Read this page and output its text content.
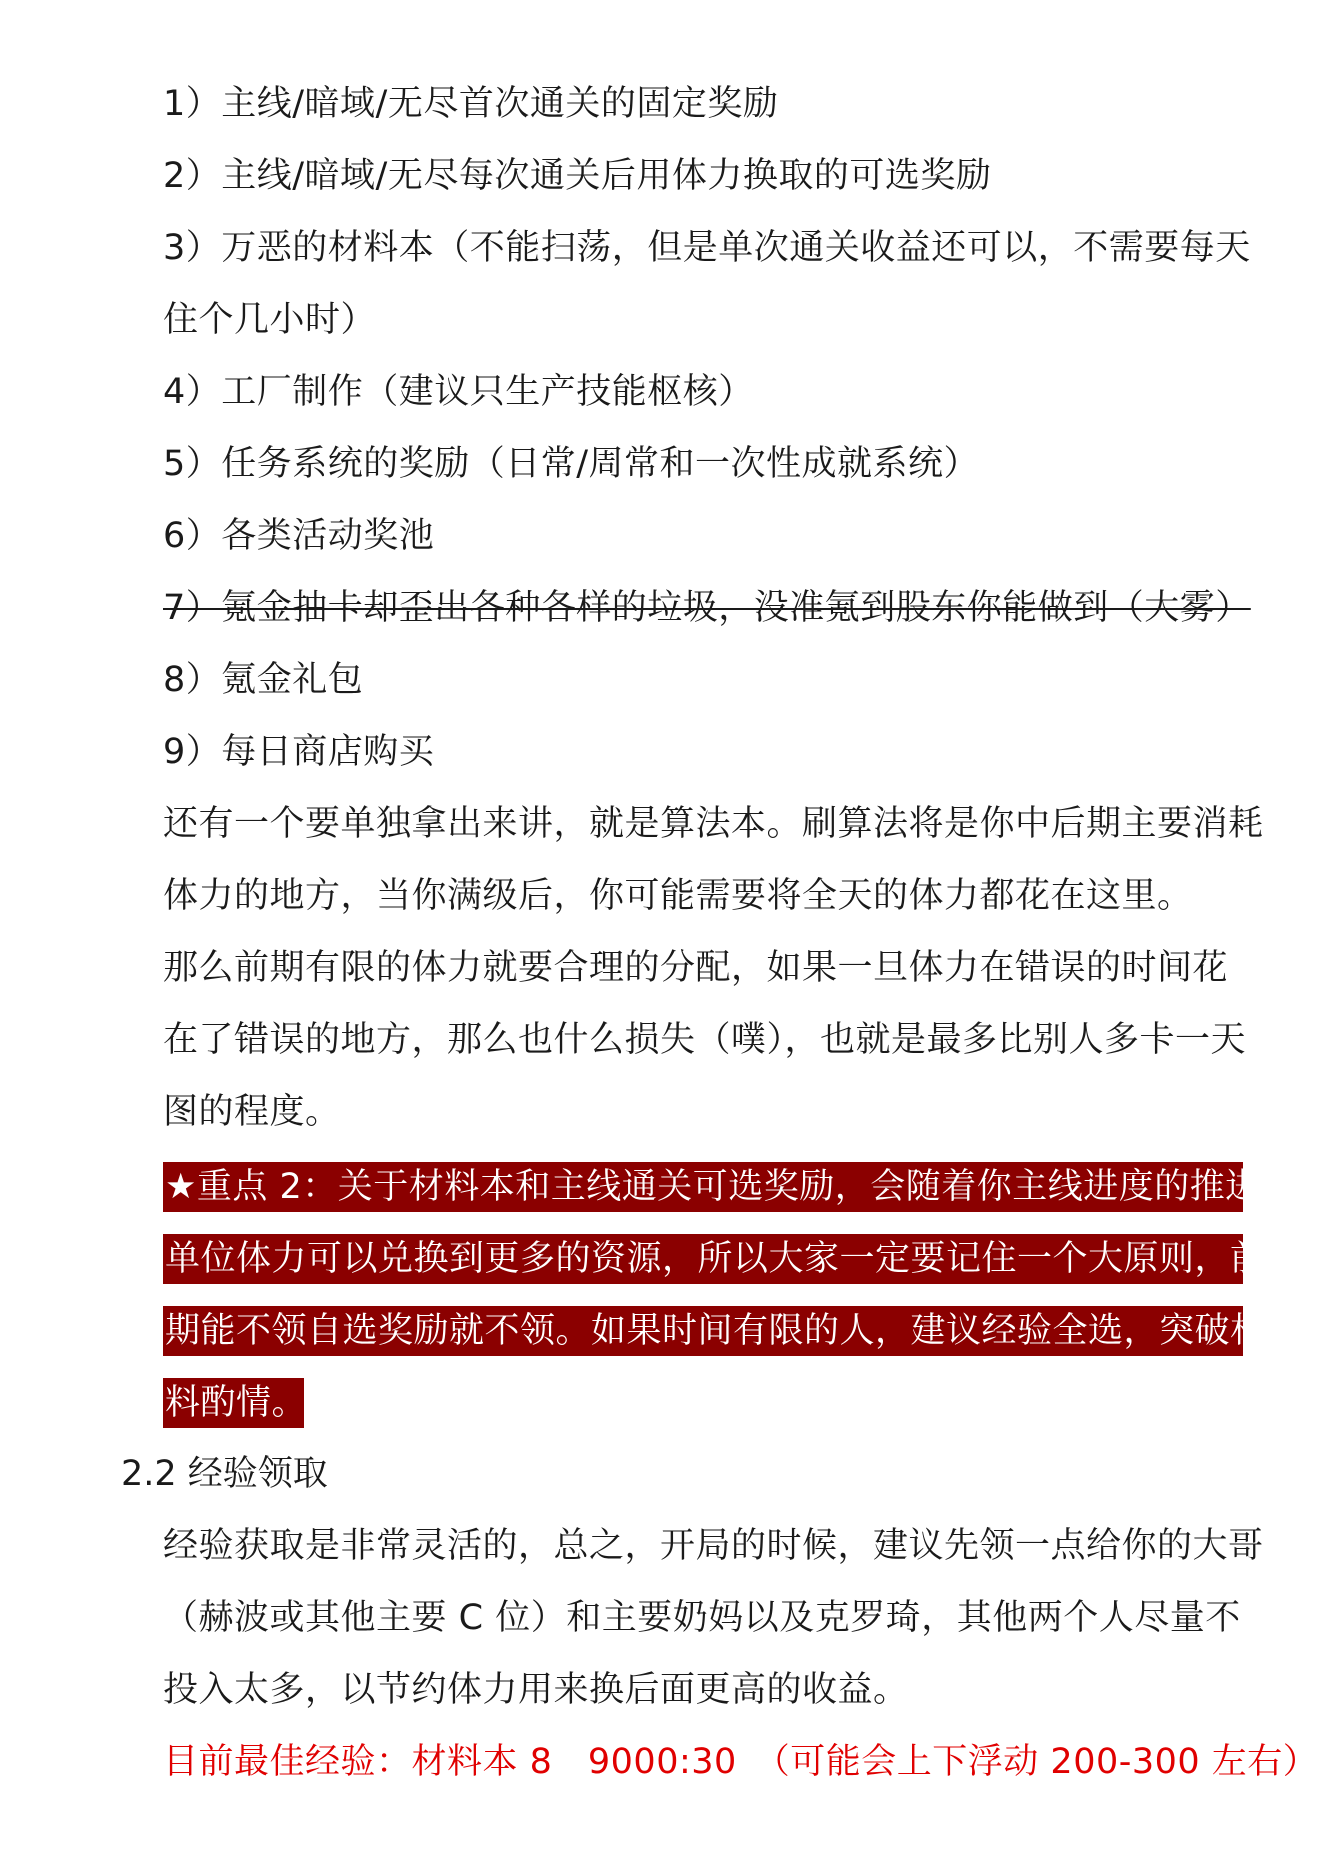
1）主线/暗域/无尽首次通关的固定奖励
2）主线/暗域/无尽每次通关后用体力换取的可选奖励
3）万恶的材料本（不能扫荡，但是单次通关收益还可以，不需要每天
住个几小时）
4）工厂制作（建议只生产技能枢核）
5）任务系统的奖励（日常/周常和一次性成就系统）
6）各类活动奖池
7）氪金抽卡却歪出各种各样的垃圾，没准氪到股东你能做到（大雾）
8）氪金礼包
9）每日商店购买
还有一个要单独拿出来讲，就是算法本。刷算法将是你中后期主要消耗
体力的地方，当你满级后，你可能需要将全天的体力都花在这里。
那么前期有限的体力就要合理的分配，如果一旦体力在错误的时间花
在了错误的地方，那么也什么损失（噗），也就是最多比别人多卡一天
图的程度。
★重点 2：关于材料本和主线通关可选奖励，会随着你主线进度的推进，
单位体力可以兑换到更多的资源，所以大家一定要记住一个大原则，前
期能不领自选奖励就不领。如果时间有限的人，建议经验全选，突破材
料酌情。
2.2 经验领取
经验获取是非常灵活的，总之，开局的时候，建议先领一点给你的大哥
（赫波或其他主要 C 位）和主要奶妈以及克罗琦，其他两个人尽量不
投入太多，以节约体力用来换后面更高的收益。
目前最佳经验：材料本 8　9000:30　（可能会上下浮动 200-300 左右）
